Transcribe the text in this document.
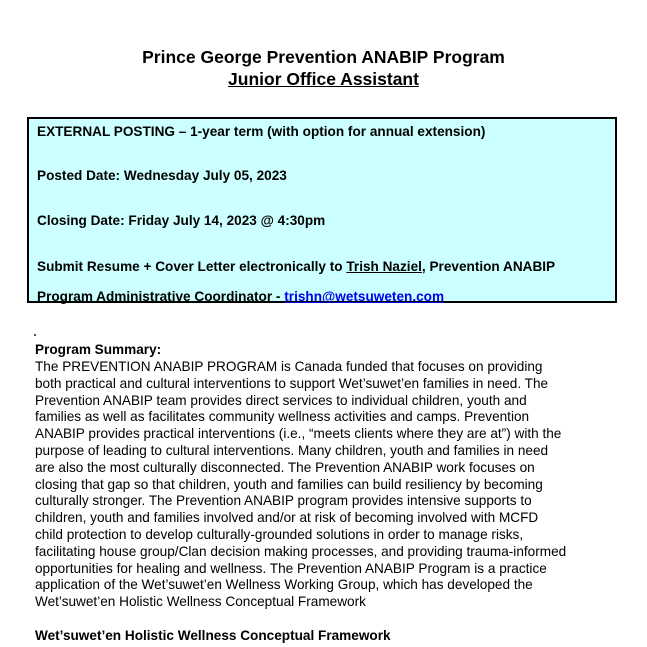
Prince George Prevention ANABIP Program
Junior Office Assistant
EXTERNAL POSTING – 1-year term (with option for annual extension)
Posted Date: Wednesday July 05, 2023
Closing Date: Friday July 14, 2023 @ 4:30pm
Submit Resume + Cover Letter electronically to Trish Naziel, Prevention ANABIP
Program Administrative Coordinator - trishn@wetsuweten.com
Program Summary:
The PREVENTION ANABIP PROGRAM is Canada funded that focuses on providing
both practical and cultural interventions to support Wet’suwet’en families in need. The
Prevention ANABIP team provides direct services to individual children, youth and
families as well as facilitates community wellness activities and camps. Prevention
ANABIP provides practical interventions (i.e., “meets clients where they are at”) with the
purpose of leading to cultural interventions. Many children, youth and families in need
are also the most culturally disconnected. The Prevention ANABIP work focuses on
closing that gap so that children, youth and families can build resiliency by becoming
culturally stronger. The Prevention ANABIP program provides intensive supports to
children, youth and families involved and/or at risk of becoming involved with MCFD
child protection to develop culturally-grounded solutions in order to manage risks,
facilitating house group/Clan decision making processes, and providing trauma-informed
opportunities for healing and wellness. The Prevention ANABIP Program is a practice
application of the Wet’suwet’en Wellness Working Group, which has developed the
Wet’suwet’en Holistic Wellness Conceptual Framework
Wet’suwet’en Holistic Wellness Conceptual Framework
